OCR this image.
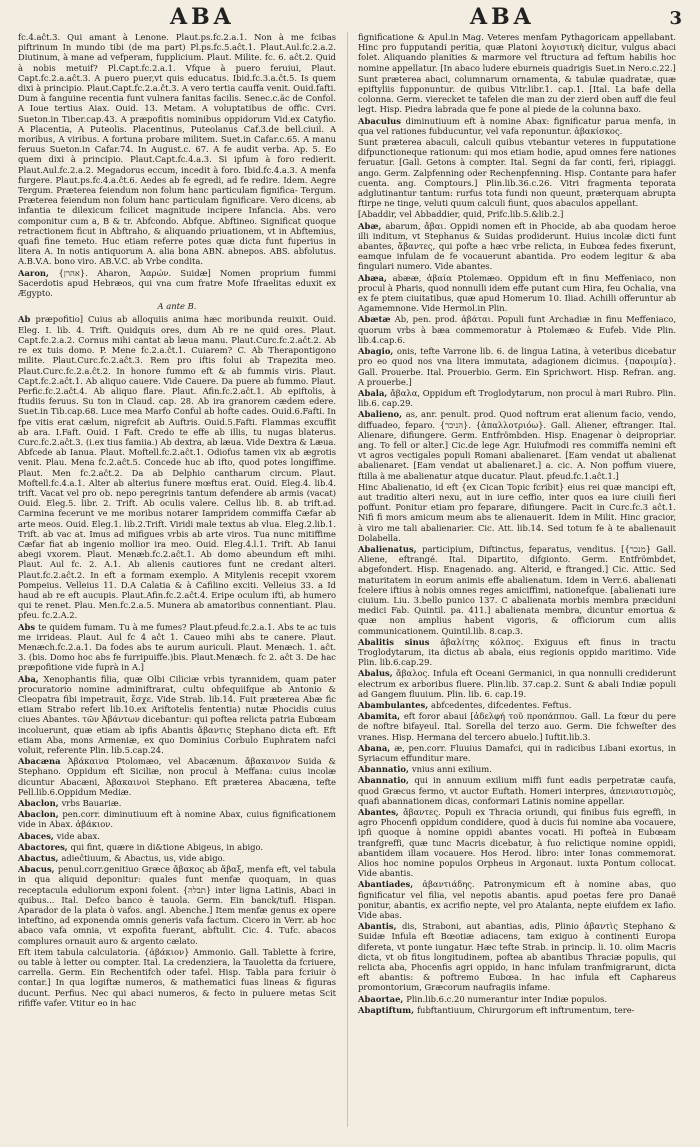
ABA	ABA	3

fc.4.aĉt.3. Qui amant à Lenone. Plaut.ps.fc.2.a.1. Non à me fcibas piftrinum In mundo tibi (de ma part) Pl.ps.fc.5.aĉt.1. Plaut.Aul.fc.2.a.2. Diutinum, à mane ad vefperam, fupplicium. Plaut. Milite. fc. 6. aĉt.2. Quid à nobis metuif? Pl.Capt.fc.2.a.1. Vfque à puero feruiui, Plaut. Capt.fc.2.a.aĉt.3. A puero puer,vt quis educatus. Ibid.fc.3.a.ĉt.5. Is quem dixi à principio. Plaut.Capt.fc.2.a.ĉt.3. A vero tertia cauffa venit. Ouid.fafti. Dum à fanguine recentia funt vulnera fanitas facilis. Senec.c.ãc de Confol. A Ioue tertius Aiax. Ouid. 13. Metam. A voluptatibus de offic. Cvri. Sueton.in Tiber.cap.43. A præpofitis nominibus oppidorum Vid.ex Catyfio. A Placentia, A Puteolis. Placentinus, Puteolanus Caf.3.de bell.ciuil. A moribus, A viribus. A fortuna probare militem. Suet.in Cafar.c.65. A manu feruus Sueton.in Cafar.74. In August.c. 67. A fe audit verba. Ap. 5. Eo quem dixi à principio. Plaut.Capt.fc.4.a.3. Si ipfum à foro redierit. Plaut.Aul.fc.2.a.2. Megadorus eccum, incedit à foro. Ibid.fc.4.a.3. A menfa furgere. Plaut.ps.fc.4.a.ĉt.6. Aedes ab fe egredi, ad fe redire. Idem. Aegre Tergum. Præterea feiendum non folum hanc particulam fignifica- Tergum. Præterea feiendum non folum hanc particulam fignificare. Vero dicens, ab infantia te dilexicum fcilicet magnitude incipere Infancia. Abs. vero componitur cum a, B & tr. Abfcondo. Abfque. Abftineo. Significat quoque retractionem ficut in Abftraho, & aliquando priuationem, vt in Abftemius, quafi fine temeto. Huc etiam referre potes quæ dicta funt fuperius in litera A. In notis antiquorum A. alia bona ABN. abnepos. ABS. abfolutus. A.B.V.A. bono viro. AB.V.C. ab Vrbe condita.

Aaron, {אהרן}. Aharon, Ἀαρών. Suidæ] Nomen proprium fummi Sacerdotis apud Hebræos, qui vna cum fratre Mofe Ifraelitas eduxit ex Ægypto.

A ante B.

Ab præpofitio] Cuius ab alloquiis anima hæc moribunda reuixit. Ouid. Eleg. I. lib. 4. Trift. Quidquis ores, dum Ab re ne quid ores. Plaut. Capt.fc.2.a.2. Cornus mihi cantat ab læua manu. Plaut.Curc.fc.2.aĉt.2. Ab re ex tuis domo. P. Mene fc.2.a.ĉt.1. Cuiarem? C. Ab Therapontigono milite. Plaut.Curc.fc.2.aĉt.3. Rem pro iftis folui ab Trapezita meo. Plaut.Curc.fc.2.a.ĉt.2. In honore fummo eft & ab fummis viris. Plaut. Capt.fc.2.aĉt.1. Ab aliquo cauere. Vide Cauere. Da puere ab fummo. Plaut. Perfic.fc.2.aĉt.4. Ab aliquo flare. Plaut. Afin.fc.2.aĉt.1. Ab epiftolis, à ftudiis feruus. Su ton in Claud. cap. 28. Ab ira granorem cædem edere. Suet.in Tib.cap.68. Luce mea Marfo Conful ab hofte cades. Ouid.6.Fafti. In fpe vitis erat cælum, nigrefcit ab Auftris. Ouid.5.Fafti. Flammas excuffit ab ara. I.Faft. Ouid. I Faft. Credo te effe ab illis, tu nugas blaterus. Curc.fc.2.aĉt.3. (i.ex tius famiia.) Ab dextra, ab læua. Vide Dextra & Læua. Abfcede ab Ianua. Plaut. Moftell.fc.2.aĉt.1. Odiofus tamen vix ab ægrotis venit. Plau. Mena fc.2.aĉt.5. Concede huc ab ifto, quod potes longiffime. Plaut. Men fc.2.aĉt.2. Da ab Delphio cantharum circum. Plaut. Moftell.fc.4.a.1. Alter ab alterius funere mœftus erat. Ouid. Eleg.4. lib.4. trift. Vacat vel pro ob. nepo peregrinis tantum defendere ab armis (vacat) Ouid. Eleg.5. libr. 2. Trift. Ab oculis valere. Cellus lib. 8. ab trift.ad. Carmina fecerunt ve me moribus notarer Iampridem commiffa Cæfar ab arte meos. Ouid. Eleg.1. lib.2.Trift. Viridi male textus ab vlua. Eleg.2.lib.1. Trift. ab vac at. Imus ad mifigues vrbis ab arte viros. Tua nunc mitiffime Cæfar fiat ab ingenio mollior ira meo. Ouid. Eleg.4.l.1. Trift. Ab Ianui abegi vxorem. Plaut. Menæb.fc.2.aĉt.1. Ab domo abeundum eft mihi. Plaut. Aul fc. 2. A.1. Ab alienis cautiores funt ne credant alteri. Plaut.fc.2.aĉt.2. In eft a formam exemplo. A Mitylenis recepit vxorem Pompeius. Velleius 11. D.A Calatia & à Cafilino exciti. Velleius 33. a Id haud ab re eft aucupis. Plaut.Afin.fc.2.aĉt.4. Eripe oculum iftì, ab humero qui te renet. Plau. Men.fc.2.a.5. Munera ab amatoribus connentiant. Plau. pfeu. fc.2.A.2.

Abs te quidem fumam. Tu à me fumes? Plaut.pfeud.fc.2.a.1. Abs te ac tuis me irrideas. Plaut. Aul fc 4 aĉt 1. Caueo mihi abs te canere. Plaut. Menæch.fc.2.a.1. Da fodes abs te aurum auriculi. Plaut. Menæch. 1. aĉt. 3. (bis. Domo hoc abs fe furripuiffe.)bis. Plaut.Menæch. fc 2. aĉt 3. De hac præpofitione vide fuprà in A.]

Aba, Xenophantis filia, quæ Olbi Ciliciæ vrbis tyrannidem, quam pater procuratorio nomine adminiftrarat, cultu obfequiifque ab Antonio & Cleopatra fibi impetrauit, ἔσχε. Vide Strab. lib.14. Fuit præterea Abæ fic etiam Strabo refert lib.10.ex Ariftotelis fententia) nutæ Phocidis cuius ciues Abantes. τῶν Ἀβάντων dicebantur: qui poftea relicta patria Eubœam incoluerunt, quæ etiam ab ipfis Abantis ἄβαντις Stephano dicta eft. Eft etiam Aba, mons Armeniæ, ex quo Dominius Corbulo Euphratem nafci voluit, referente Plin. lib.5.cap.24.

Abacæna Ἀβάκαινα Ptolomæo, vel Abacænum. ἄβακαινον Suida & Stephano. Oppidum eft Siciliæ, non procul à Meffana: cuius incolæ dicuntur Abacæni, Ἀβακαινοὶ Stephano. Eft præterea Abacæna, tefte Pell.lib.6.Oppidum Mediæ.

Abaclon, vrbs Bauariæ.

Abaclon, pen.corr. diminutiuum eft à nomine Abax, cuius fignificationem vide in Abax. ἀβάκιον.

Abaces, vide abax.

Abactores, qui fint, quære in di&tione Abigeus, in abigo.

Abactus, adieĉtiuum, & Abactus, us, vide abigo.

Abacus, penul.corr.genitiuo Græce ἄβακος ab ἄβαξ, menfa eft, vel tabula in qua aliquid deponitur: quales funt menfæ quoquam, in quas receptacula eduliorum exponi folent. {תבלה} inter ligna Latinis, Abaci in quibus... Ital. Defco banco è tauola. Germ. Ein banck/tufl. Hispan. Aparador de la plata ò vafos. angl. Abenche.] Item menfæ genus ex opere inteftino, ad exponenda omnis generis vafa factum. Cicero in Verr. ab hoc abaco vafa omnia, vt expofita fuerant, abftulit. Cic. 4. Tufc. abacos complures ornauit auro & argento cælato.

Eft item tabula calculatoria. {ἀβάκιον} Ammonio. Gall. Tablette à fcrire, ou table à letter ou compter. Ital. La credenziera, la Tauoletta da fcriuere, carrella. Germ. Ein Rechentifch oder tafel. Hisp. Tabla para fcriuir ò contar.] In qua logiftæ numeros, & mathematici fuas lineas & figuras ducunt. Perfius. Nec qui abaci numeros, & fecto in puluere metas Scit rififfe vafer. Vtitur eo in hac

fignificatione & Apul.in Mag. Veteres menfam Pythagoricam appellabant. Hinc pro fupputandi peritia, quæ Platoni λογιστικὴ dicitur, vulgus abaci folet. Aliquando planities & marmore vel ftructura ad feftum habilis hoc nomine appellatur. [In abaco ludere eburneis quadrigis Suet.in Nero.c.22.]

Sunt præterea abaci, columnarum ornamenta, & tabulæ quadratæ, quæ epiftyliis fupponuntur. de quibus Vitr.libr.1. cap.1. [Ital. La bafe della colonna. Germ. vierecket te tafelen die man zu der zierd oben auff die feul legt. Hisp. Piedra labrada que fe pone al piede de la colunna baxo.

Abaculus diminutiuum eft à nomine Abax: fignificatur parua menfa, in qua vel rationes fubducuntur, vel vafa reponuntur. ἀβακίσκος.

Sunt præterea abaculi, calculi quibus vtebantur veteres in fupputatione difpunctioneque rationum: qui mos etiam hodie, apud omnes fere nationes feruatur. [Gall. Getons à compter. Ital. Segni da far conti, ferì, ripiaggi. ango. Germ. Zalpfenning oder Rechenpfenning. Hisp. Contante para hafer cuenta. ang. Comptours.] Plin.lib.36.c.26. Vitri fragmenta teporata adglutinantur tantum: rurfus tota fundi non queunt, præterquam abrupta ftirpe ne tinge, veluti quum calculi fiunt, quos abaculos appellant.

[Abaddir, vel Abbaddier, quid, Prifc.lib.5.&lib.2.]

Abæ, abarum, ἄβαι. Oppidi nomen eft in Phocide, ab aba quodam heroe illi inditum, vt Stephanus & Suidas prodiderunt. Huius incolæ dicti funt abantes, ἄβαντες, qui pofte a hæc vrbe relicta, in Eubœa fedes fixerunt, eamque infulam de fe vocauerunt abantida. Pro eodem legitur & aba fingulari numero. Vide abantes.

Abæa, abææ, ἀβαία Ptolemæo. Oppidum eft in finu Meffeniaco, non procul à Pharis, quod nonnulli idem effe putant cum Hira, feu Ochalia, vna ex fe ptem ciuitatibus, quæ apud Homerum 10. Iliad. Achilli offeruntur ab Agamemnone. Vide Hermol.in Plin.

Abætæ Ab, pen. prod. ἀβάται. Populi funt Archadiæ in finu Meffeniaco, quorum vrbs à bæa commemoratur à Ptolemæo & Eufeb. Vide Plin. lib.4.cap.6.

Abagio, onis, tefte Varrone lib. 6. de lingua Latina, à veteribus dicebatur pro eo quod nos vna litera immutata, adagionem dicimus. {παροιμία}. Gall. Prouerbe. Ital. Prouerbio. Germ. Ein Sprichwort. Hisp. Refran. ang. A prouerbe.]

Abala, ἄβαλα, Oppidum eft Troglodytarum, non procul à mari Rubro. Plin. lib.6. cap.29.

Abalieno, as, anr. penult. prod. Quod noftrum erat alienum facio, vendo, diffuadeo, feparo. {הניכר}. {ἀπαλλοτριόω}. Gall. Aliener, eftranger. Ital. Alienare, difiungere. Germ. Entfrömbden. Hisp. Enagenar ò deipropriar. ang. To fell or alter.] Cic.de lege Agr. Huiufmodi res commiffa nemini eft vt agros vectigales populi Romani abalienaret. [Eam vendat ut abalienat abalienaret. [Eam vendat ut abalienaret.] a. cic. A. Non poffum viuere, ftilla à me abalienatur atque ducatur. Plaut. pfeud.fc.1.aĉt.1.]

Hinc Abalienatio, id eft {ex Cican Topic fcribit} eius rei quæ mancipi eft, aut traditio alteri nexu, aut in iure ceffio, inter quos ea iure ciuili fieri poffunt. Ponitur etiam pro feparare, difiungere. Pacit in Curc.fc.3 aĉt.1. Nifi fi mors amicum meum abs te alienauerit. Idem in Milit. Hinc gracior, à viro me tali abalienarier. Cic. Att. lib.14. Sed totum fe à te abalienauit Dolabella.

Abalienatus, participium, Diftinctus, feparatus, venditus. [{מנכר} Gall. Aliene, eftrangé. Ital. Dipartito, difgionto. Germ. Entfrömbdet, abgefondert. Hisp. Enagenado. ang. Alterid, e ftranged.] Cic. Attic. Sed maturitatem in eorum animis effe abalienatum. Idem in Verr.6. abalienati fcelere iftius à nobis omnes reges amiciffimi, nationefque. [abalienati iure ciuium. Liu. 3.bello punico 137. C abalienata morbis membra præciduni medici Fab. Quintil. pa. 411.] abalienata membra, dicuntur emortua & quæ non amplius habent vigoris, & officiorum cum aliis communicationem. Quintil.lib. 8.cap.3.

Abalitis sinus ἀβαλίτης κόλπος. Exiguus eft finus in tractu Troglodytarum, ita dictus ab abala, eius regionis oppido maritimo. Vide Plin. lib.6.cap.29.

Abalus, ἄβαλος. Infula eft Oceani Germanici, in qua nonnulli crediderunt electrum ex arboribus fluere. Plin.lib. 37.cap.2. Sunt & abali Indiæ populi ad Gangem fluuium. Plin. lib. 6. cap.19.

Abambulantes, abfcedentes, difcedentes. Feftus.

Abamita, eft foror abaui [ἀδελφή τοῦ προπάππου. Gall. La fœur du pere de noftre bifayeul. Ital. Sorella del terzo auo. Germ. Die fchweſter des vranes. Hisp. Hermana del tercero abuelo.] Iuftit.lib.3.

Abana, æ, pen.corr. Fluuius Damafci, qui in radicibus Libani exortus, in Syriacum effunditur mare.

Abannatio, vnius anni exilium.

Abannatio, qui in annuum exilium miffi funt eadis perpetratæ caufa, quod Græcus fermo, vt auctor Euftath. Homeri interpres, ἀπενιαυτισμὸς, quafi abannationem dicas, conformari Latinis nomine appellar.

Abantes, ἄβαντες. Populi ex Thracia oriundi, qui finibus fuis egreffi, in agro Phocenfi oppidum condidere, quod à ducis fui nomine aba vocauere, ipfi quoque à nomine oppidi abantes vocati. Hi pofteà in Eubœam tranfgreffi, quæ tunc Macris dicebatur, à fuo relictique nomine oppidi, abantidem illam vocauere. Hos Herod. libro: inter Ionas commemorat. Alios hoc nomine populos Orpheus in Argonaut. iuxta Pontum collocat. Vide abantis.

Abantiades, ἀβαντιάδης. Patronymicum eft à nomine abas, quo fignificatur vel filia, vel nepotis abantis. apud poetas fere pro Danaë ponitur, abantis, ex acrifio nepte, vel pro Atalanta, nepte eiufdem ex Iafio. Vide abas.

Abantis, dis, Straboni, aut abantias, adis, Plinio ἀβαντὶς Stephano & Suidæ Infula eft Bœotiæ adiacens, tam exiguo à continenti Europa difereta, vt ponte iungatur. Hæc tefte Strab. in princip. li. 10. olim Macris dicta, vt ob fitus longitudinem, poftea ab abantibus Thraciæ populis, qui relicta aba, Phocenfis agri oppido, in hanc infulam tranfmigrarunt, dicta eft abantis: & poftremo Eubœa. In hac infula eft Caphareus promontorium, Græcorum naufragiis infame.

Abaortae, Plin.lib.6.c.20 numerantur inter Indiæ populos.

Abaptiftum, fubftantiuum, Chirurgorum eft inftrumentum, tere-
